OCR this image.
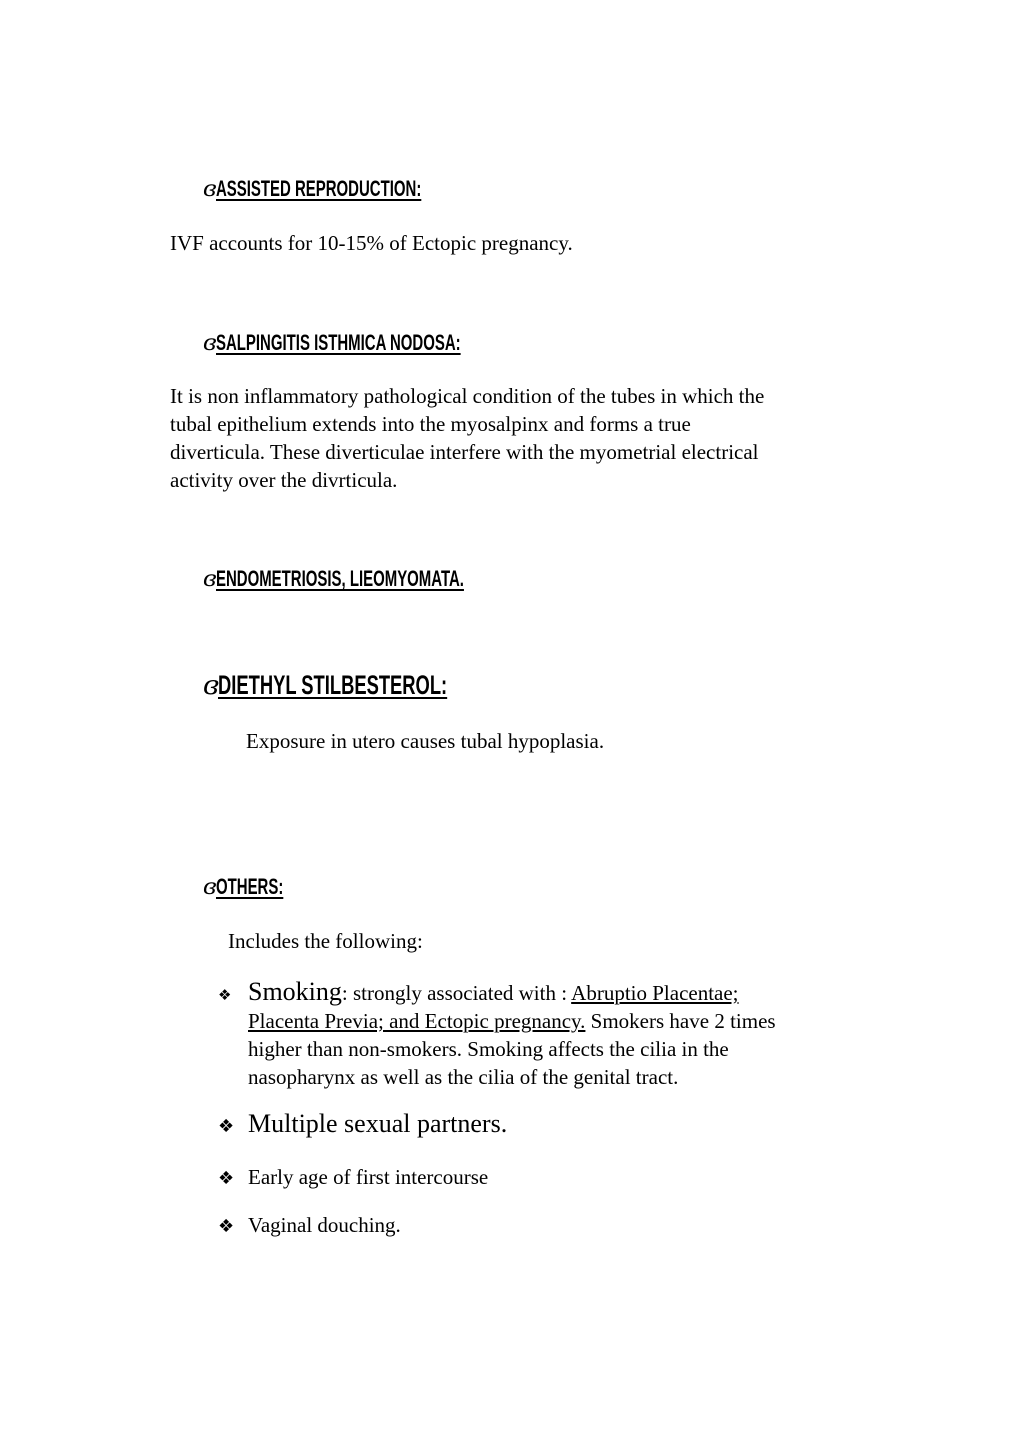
ɞ ASSISTED REPRODUCTION:
IVF accounts for 10-15% of Ectopic pregnancy.
ɞ SALPINGITIS ISTHMICA NODOSA:
It is non inflammatory pathological condition of the tubes in which the
tubal epithelium extends into the myosalpinx and forms a true
diverticula. These diverticulae interfere with the myometrial electrical
activity over the divrticula.
ɞ ENDOMETRIOSIS, LIEOMYOMATA.
ɞ DIETHYL STILBESTEROL:
Exposure in utero causes tubal hypoplasia.
ɞ OTHERS:
Includes the following:
❖ Smoking: strongly associated with : Abruptio Placentae;
Placenta Previa; and Ectopic pregnancy. Smokers have 2 times
higher than non-smokers. Smoking affects the cilia in the
nasopharynx as well as the cilia of the genital tract.
❖ Multiple sexual partners.
❖ Early age of first intercourse
❖ Vaginal douching.
